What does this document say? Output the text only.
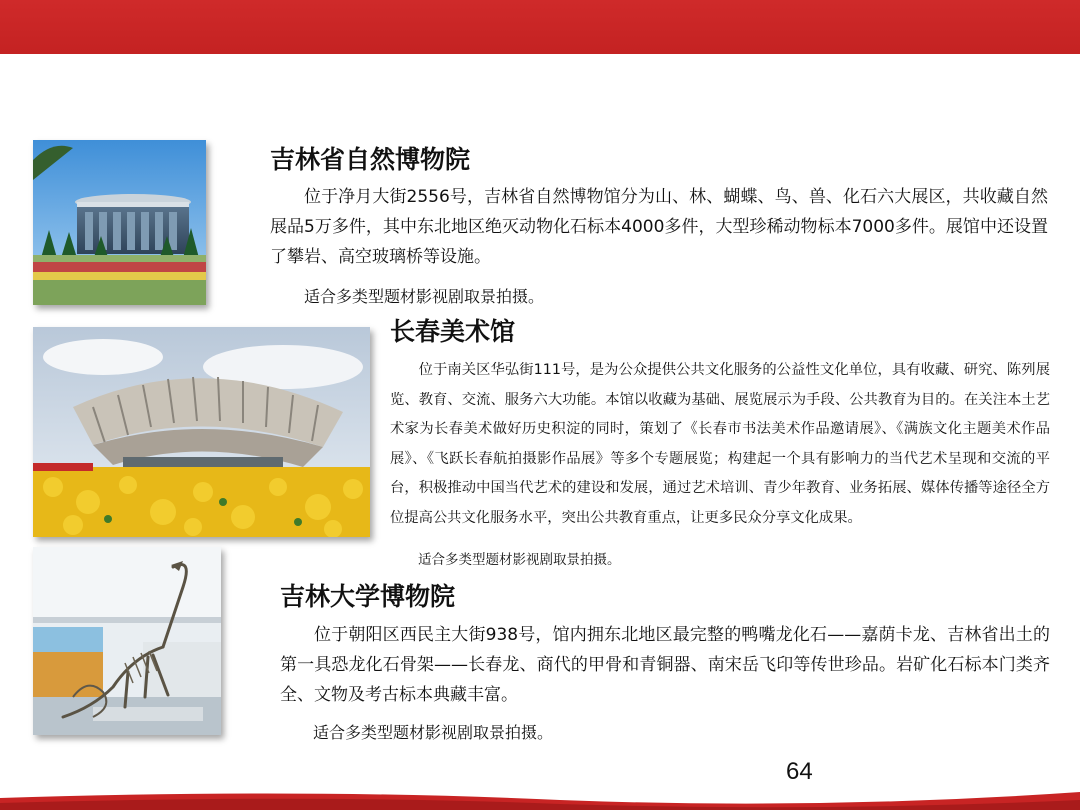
吉林省自然博物院
位于净月大街2556号，吉林省自然博物馆分为山、林、蝴蝶、鸟、兽、化石六大展区，共收藏自然展品5万多件，其中东北地区绝灭动物化石标本4000多件，大型珍稀动物标本7000多件。展馆中还设置了攀岩、高空玻璃桥等设施。
适合多类型题材影视剧取景拍摄。
长春美术馆
位于南关区华弘街111号，是为公众提供公共文化服务的公益性文化单位，具有收藏、研究、陈列展览、教育、交流、服务六大功能。本馆以收藏为基础、展览展示为手段、公共教育为目的。在关注本土艺术家为长春美术做好历史积淀的同时，策划了《长春市书法美术作品邀请展》、《满族文化主题美术作品展》、《飞跃长春航拍摄影作品展》等多个专题展览；构建起一个具有影响力的当代艺术呈现和交流的平台，积极推动中国当代艺术的建设和发展，通过艺术培训、青少年教育、业务拓展、媒体传播等途径全方位提高公共文化服务水平，突出公共教育重点，让更多民众分享文化成果。
适合多类型题材影视剧取景拍摄。
吉林大学博物院
位于朝阳区西民主大街938号，馆内拥东北地区最完整的鸭嘴龙化石——嘉荫卡龙、吉林省出土的第一具恐龙化石骨架——长春龙、商代的甲骨和青铜器、南宋岳飞印等传世珍品。岩矿化石标本门类齐全、文物及考古标本典藏丰富。
适合多类型题材影视剧取景拍摄。
64
